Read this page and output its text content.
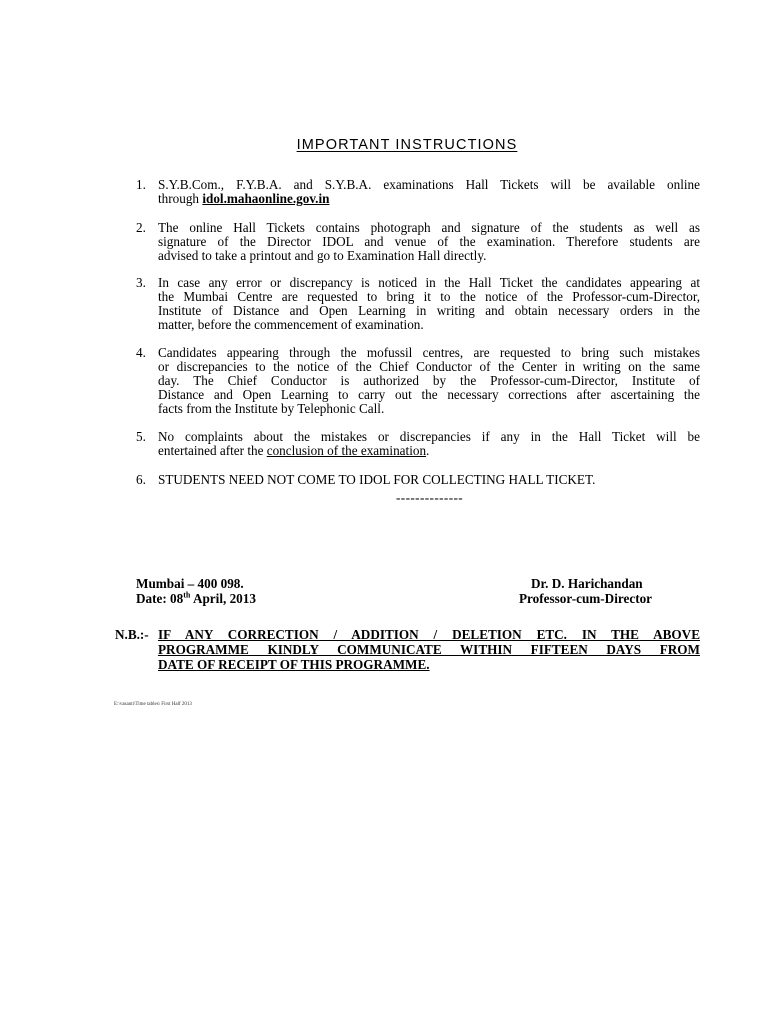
IMPORTANT INSTRUCTIONS
1. S.Y.B.Com., F.Y.B.A. and S.Y.B.A. examinations Hall Tickets will be available online
through idol.mahaonline.gov.in
2. The online Hall Tickets contains photograph and signature of the students as well as
signature of the Director IDOL and venue of the examination. Therefore students are
advised to take a printout and go to Examination Hall directly.
3. In case any error or discrepancy is noticed in the Hall Ticket the candidates appearing at
the Mumbai Centre are requested to bring it to the notice of the Professor-cum-Director,
Institute of Distance and Open Learning in writing and obtain necessary orders in the
matter, before the commencement of examination.
4. Candidates appearing through the mofussil centres, are requested to bring such mistakes
or discrepancies to the notice of the Chief Conductor of the Center in writing on the same
day. The Chief Conductor is authorized by the Professor-cum-Director, Institute of
Distance and Open Learning to carry out the necessary corrections after ascertaining the
facts from the Institute by Telephonic Call.
5. No complaints about the mistakes or discrepancies if any in the Hall Ticket will be
entertained after the conclusion of the examination.
6. STUDENTS NEED NOT COME TO IDOL FOR COLLECTING HALL TICKET.
--------------
Mumbai – 400 098.
Date: 08th April, 2013
Dr. D. Harichandan
Professor-cum-Director
N.B.:- IF ANY CORRECTION / ADDITION / DELETION ETC. IN THE ABOVE
PROGRAMME KINDLY COMMUNICATE WITHIN FIFTEEN DAYS FROM
DATE OF RECEIPT OF THIS PROGRAMME.
E:\vasanti\Time tables\ First Half 2013
